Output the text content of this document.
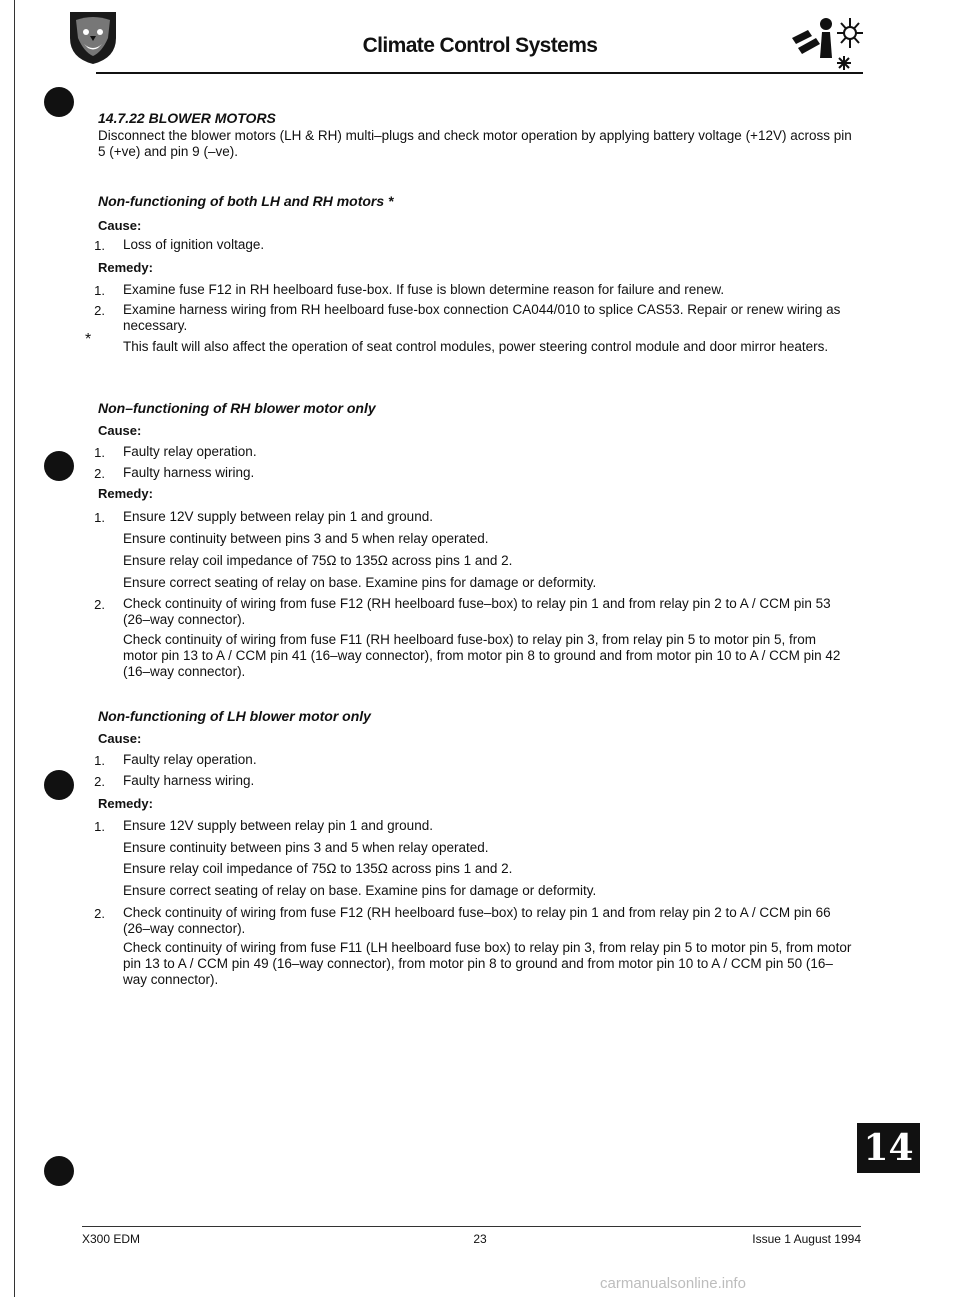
Climate Control Systems
14.7.22 BLOWER MOTORS
Disconnect the blower motors (LH & RH) multi–plugs and check motor operation by applying battery voltage (+12V) across pin 5 (+ve) and pin 9 (–ve).
Non-functioning of both LH and RH motors *
Cause:
1. Loss of ignition voltage.
Remedy:
1. Examine fuse F12 in RH heelboard fuse-box. If fuse is blown determine reason for failure and renew.
2. Examine harness wiring from RH heelboard fuse-box connection CA044/010 to splice CAS53. Repair or renew wiring as necessary.
* This fault will also affect the operation of seat control modules, power steering control module and door mirror heaters.
Non–functioning of RH blower motor only
Cause:
1. Faulty relay operation.
2. Faulty harness wiring.
Remedy:
1. Ensure 12V supply between relay pin 1 and ground.
Ensure continuity between pins 3 and 5 when relay operated.
Ensure relay coil impedance of 75Ω to 135Ω across pins 1 and 2.
Ensure correct seating of relay on base. Examine pins for damage or deformity.
2. Check continuity of wiring from fuse F12 (RH heelboard fuse–box) to relay pin 1 and from relay pin 2 to A / CCM pin 53 (26–way connector).
Check continuity of wiring from fuse F11 (RH heelboard fuse-box) to relay pin 3, from relay pin 5 to motor pin 5, from motor pin 13 to A / CCM pin 41 (16–way connector), from motor pin 8 to ground and from motor pin 10 to A / CCM pin 42 (16–way connector).
Non-functioning of LH blower motor only
Cause:
1. Faulty relay operation.
2. Faulty harness wiring.
Remedy:
1. Ensure 12V supply between relay pin 1 and ground.
Ensure continuity between pins 3 and 5 when relay operated.
Ensure relay coil impedance of 75Ω to 135Ω across pins 1 and 2.
Ensure correct seating of relay on base. Examine pins for damage or deformity.
2. Check continuity of wiring from fuse F12 (RH heelboard fuse–box) to relay pin 1 and from relay pin 2 to A / CCM pin 66 (26–way connector).
Check continuity of wiring from fuse F11 (LH heelboard fuse box) to relay pin 3, from relay pin 5 to motor pin 5, from motor pin 13 to A / CCM pin 49 (16–way connector), from motor pin 8 to ground and from motor pin 10 to A / CCM pin 50 (16–way connector).
14
X300 EDM	23	Issue 1 August 1994
carmanualsonline.info
